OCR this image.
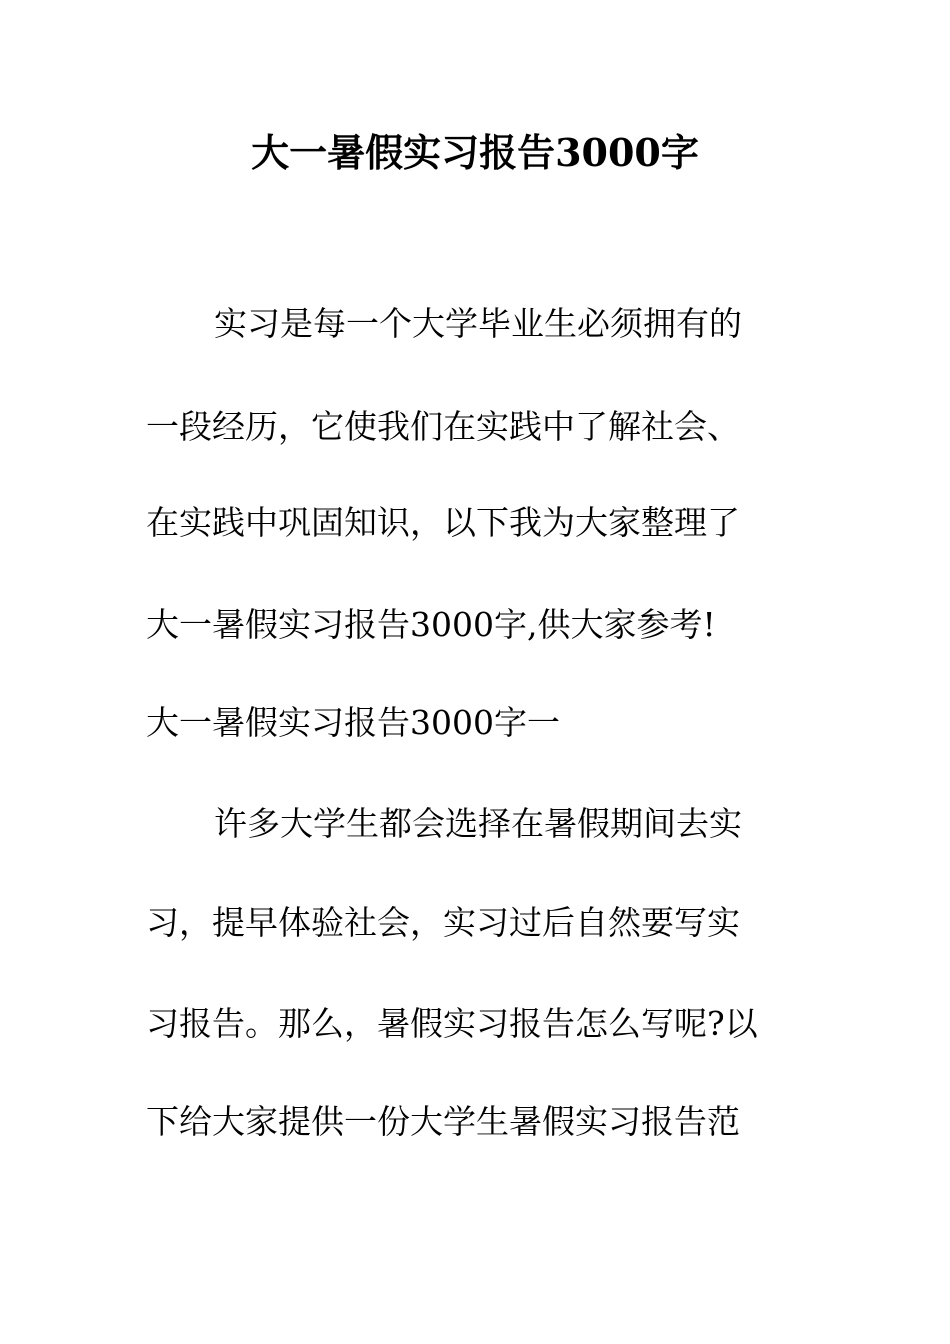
大一暑假实习报告3000字
实习是每一个大学毕业生必须拥有的
一段经历，它使我们在实践中了解社会、
在实践中巩固知识，以下我为大家整理了
大一暑假实习报告3000字,供大家参考!
大一暑假实习报告3000字一
许多大学生都会选择在暑假期间去实
习，提早体验社会，实习过后自然要写实
习报告。那么，暑假实习报告怎么写呢?以
下给大家提供一份大学生暑假实习报告范
